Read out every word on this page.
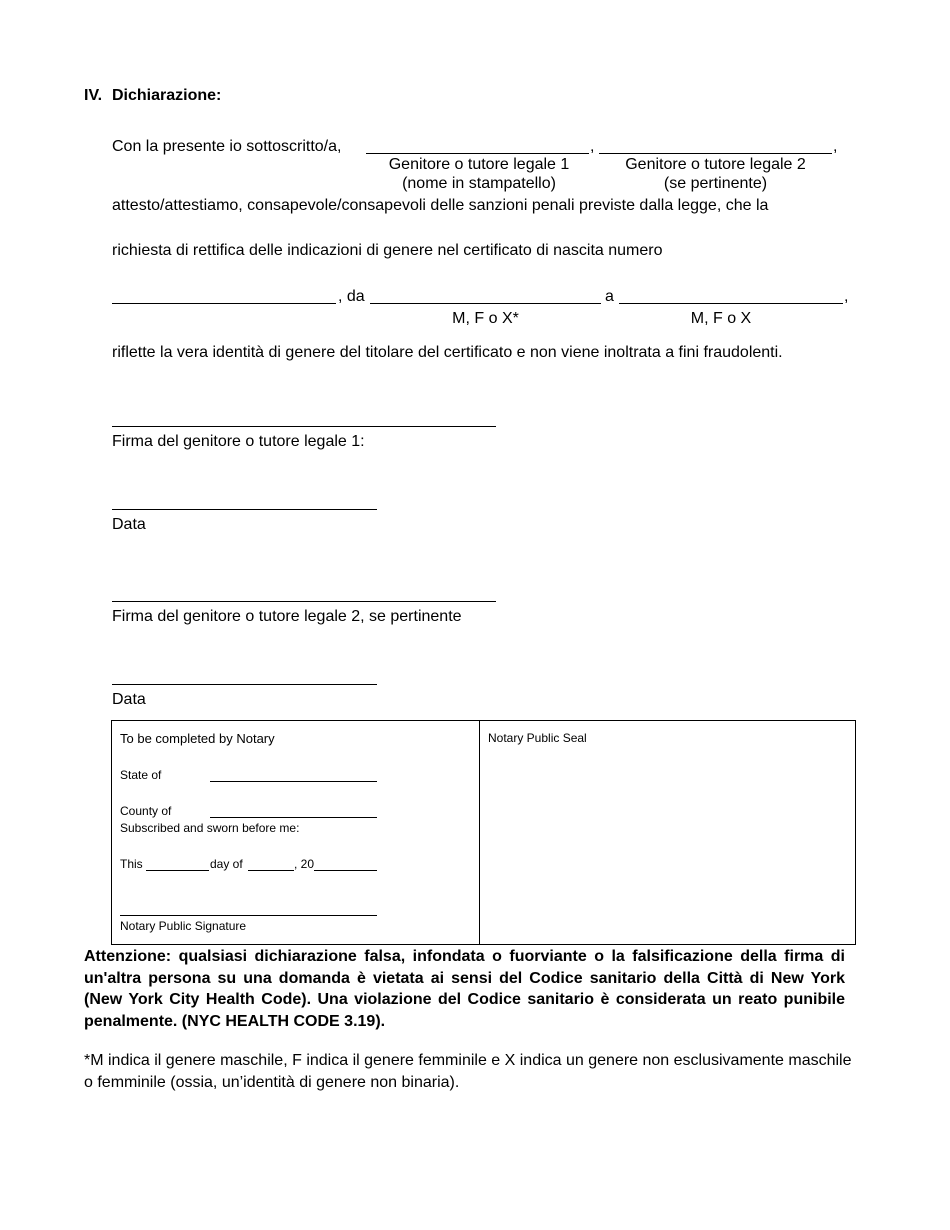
IV. Dichiarazione:
Con la presente io sottoscritto/a,	,	,
Genitore o tutore legale 1
(nome in stampatello)
Genitore o tutore legale 2
(se pertinente)
attesto/attestiamo, consapevole/consapevoli delle sanzioni penali previste dalla legge, che la
richiesta di rettifica delle indicazioni di genere nel certificato di nascita numero
, da	a	,
M, F o X*	M, F o X
riflette la vera identità di genere del titolare del certificato e non viene inoltrata a fini fraudolenti.
Firma del genitore o tutore legale 1:
Data
Firma del genitore o tutore legale 2, se pertinente
Data
To be completed by Notary
State of
County of
Subscribed and sworn before me:
This	day of	, 20
Notary Public Signature
Notary Public Seal
Attenzione: qualsiasi dichiarazione falsa, infondata o fuorviante o la falsificazione della firma di un'altra persona su una domanda è vietata ai sensi del Codice sanitario della Città di New York (New York City Health Code). Una violazione del Codice sanitario è considerata un reato punibile penalmente. (NYC HEALTH CODE 3.19).
*M indica il genere maschile, F indica il genere femminile e X indica un genere non esclusivamente maschile o femminile (ossia, un’identità di genere non binaria).
